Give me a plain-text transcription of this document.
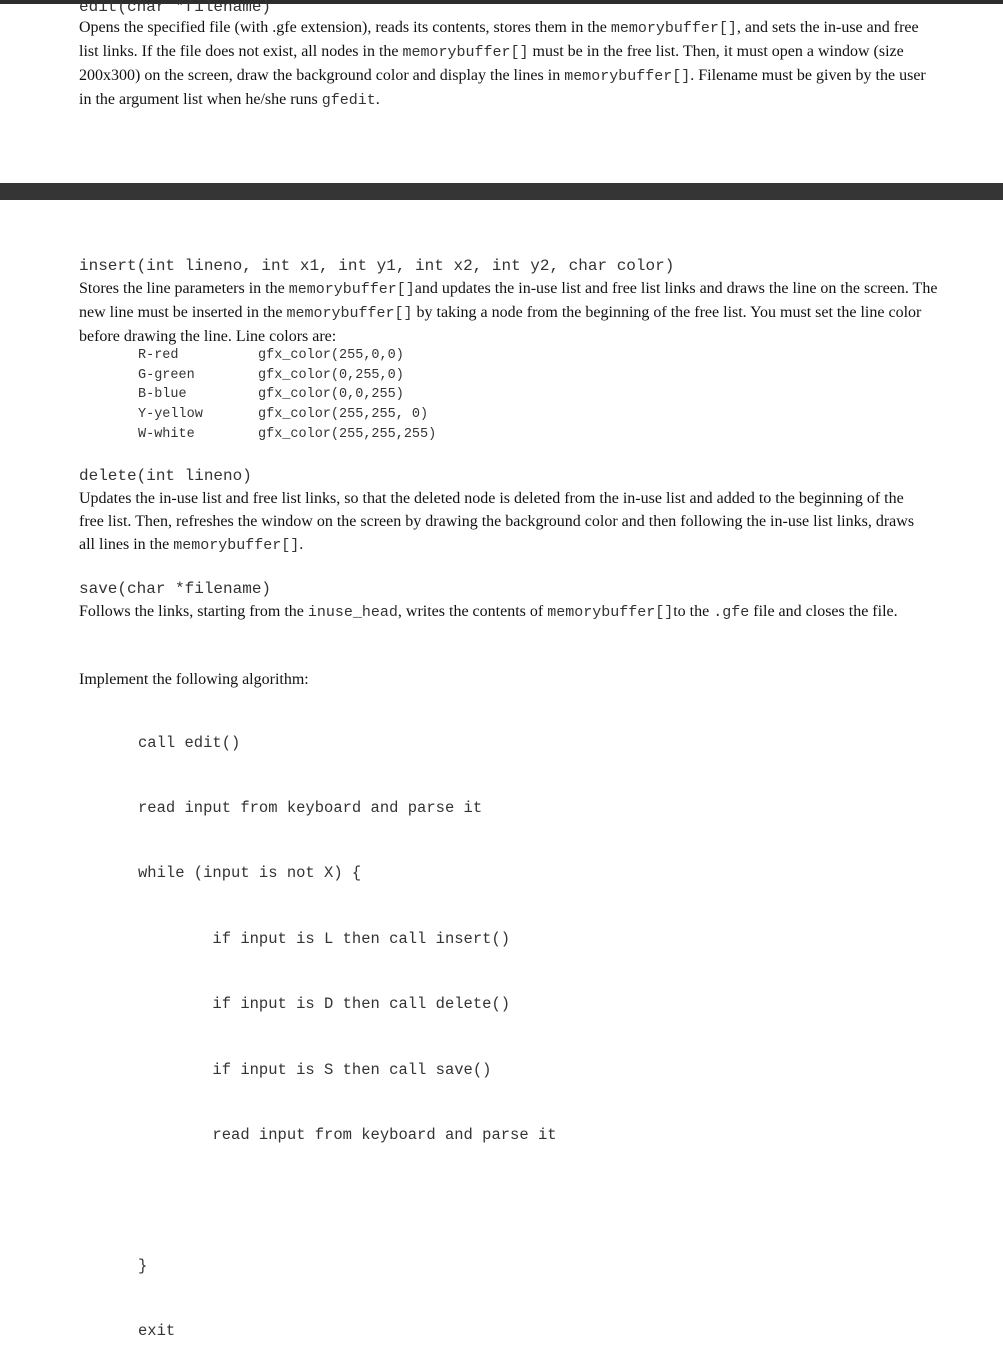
edit(char *filename)

Opens the specified file (with .gfe extension), reads its contents, stores them in the memorybuffer[], and sets the in-use and free list links. If the file does not exist, all nodes in the memorybuffer[] must be in the free list. Then, it must open a window (size 200x300) on the screen, draw the background color and display the lines in memorybuffer[]. Filename must be given by the user in the argument list when he/she runs gfedit.

insert(int lineno, int x1, int y1, int x2, int y2, char color)

Stores the line parameters in the memorybuffer[]and updates the in-use list and free list links and draws the line on the screen. The new line must be inserted in the memorybuffer[] by taking a node from the beginning of the free list. You must set the line color before drawing the line. Line colors are:

R-red	gfx_color(255,0,0)
G-green	gfx_color(0,255,0)
B-blue	gfx_color(0,0,255)
Y-yellow	gfx_color(255,255, 0)
W-white	gfx_color(255,255,255)
delete(int lineno)

Updates the in-use list and free list links, so that the deleted node is deleted from the in-use list and added to the beginning of the free list. Then, refreshes the window on the screen by drawing the background color and then following the in-use list links, draws all lines in the memorybuffer[].

save(char *filename)

Follows the links, starting from the inuse_head, writes the contents of memorybuffer[]to the .gfe file and closes the file.

Implement the following algorithm:

call edit()

read input from keyboard and parse it

while (input is not X) {

if input is L then call insert()

if input is D then call delete()

if input is S then call save()

read input from keyboard and parse it

}

exit
